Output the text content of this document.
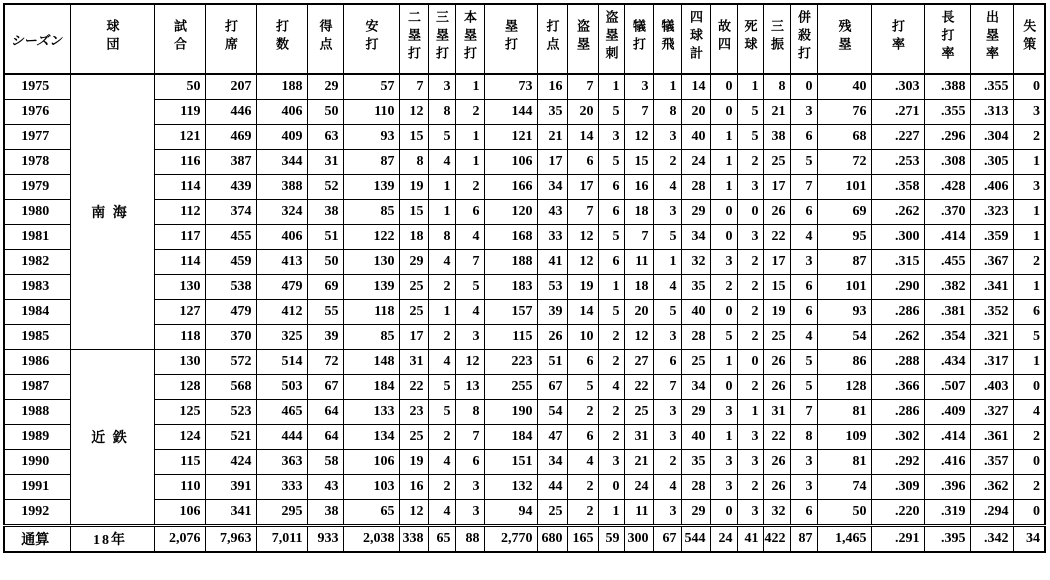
シーズン	球団	試合	打席	打数	得点	安打	二塁打	三塁打	本塁打	塁打	打点	盗塁	盗塁刺	犠打	犠飛	四球計	故四	死球	三振	併殺打	残塁	打率	長打率	出塁率	失策
1975	南 海	50	207	188	29	57	7	3	1	73	16	7	1	3	1	14	0	1	8	0	40	.303	.388	.355	0
1976		119	446	406	50	110	12	8	2	144	35	20	5	7	8	20	0	5	21	3	76	.271	.355	.313	3
1977		121	469	409	63	93	15	5	1	121	21	14	3	12	3	40	1	5	38	6	68	.227	.296	.304	2
1978		116	387	344	31	87	8	4	1	106	17	6	5	15	2	24	1	2	25	5	72	.253	.308	.305	1
1979		114	439	388	52	139	19	1	2	166	34	17	6	16	4	28	1	3	17	7	101	.358	.428	.406	3
1980		112	374	324	38	85	15	1	6	120	43	7	6	18	3	29	0	0	26	6	69	.262	.370	.323	1
1981		117	455	406	51	122	18	8	4	168	33	12	5	7	5	34	0	3	22	4	95	.300	.414	.359	1
1982		114	459	413	50	130	29	4	7	188	41	12	6	11	1	32	3	2	17	3	87	.315	.455	.367	2
1983		130	538	479	69	139	25	2	5	183	53	19	1	18	4	35	2	2	15	6	101	.290	.382	.341	1
1984		127	479	412	55	118	25	1	4	157	39	14	5	20	5	40	0	2	19	6	93	.286	.381	.352	6
1985		118	370	325	39	85	17	2	3	115	26	10	2	12	3	28	5	2	25	4	54	.262	.354	.321	5
1986	近 鉄	130	572	514	72	148	31	4	12	223	51	6	2	27	6	25	1	0	26	5	86	.288	.434	.317	1
1987		128	568	503	67	184	22	5	13	255	67	5	4	22	7	34	0	2	26	5	128	.366	.507	.403	0
1988		125	523	465	64	133	23	5	8	190	54	2	2	25	3	29	3	1	31	7	81	.286	.409	.327	4
1989		124	521	444	64	134	25	2	7	184	47	6	2	31	3	40	1	3	22	8	109	.302	.414	.361	2
1990		115	424	363	58	106	19	4	6	151	34	4	3	21	2	35	3	3	26	3	81	.292	.416	.357	0
1991		110	391	333	43	103	16	2	3	132	44	2	0	24	4	28	3	2	26	3	74	.309	.396	.362	2
1992		106	341	295	38	65	12	4	3	94	25	2	1	11	3	29	0	3	32	6	50	.220	.319	.294	0
通算	18年	2,076	7,963	7,011	933	2,038	338	65	88	2,770	680	165	59	300	67	544	24	41	422	87	1,465	.291	.395	.342	34
